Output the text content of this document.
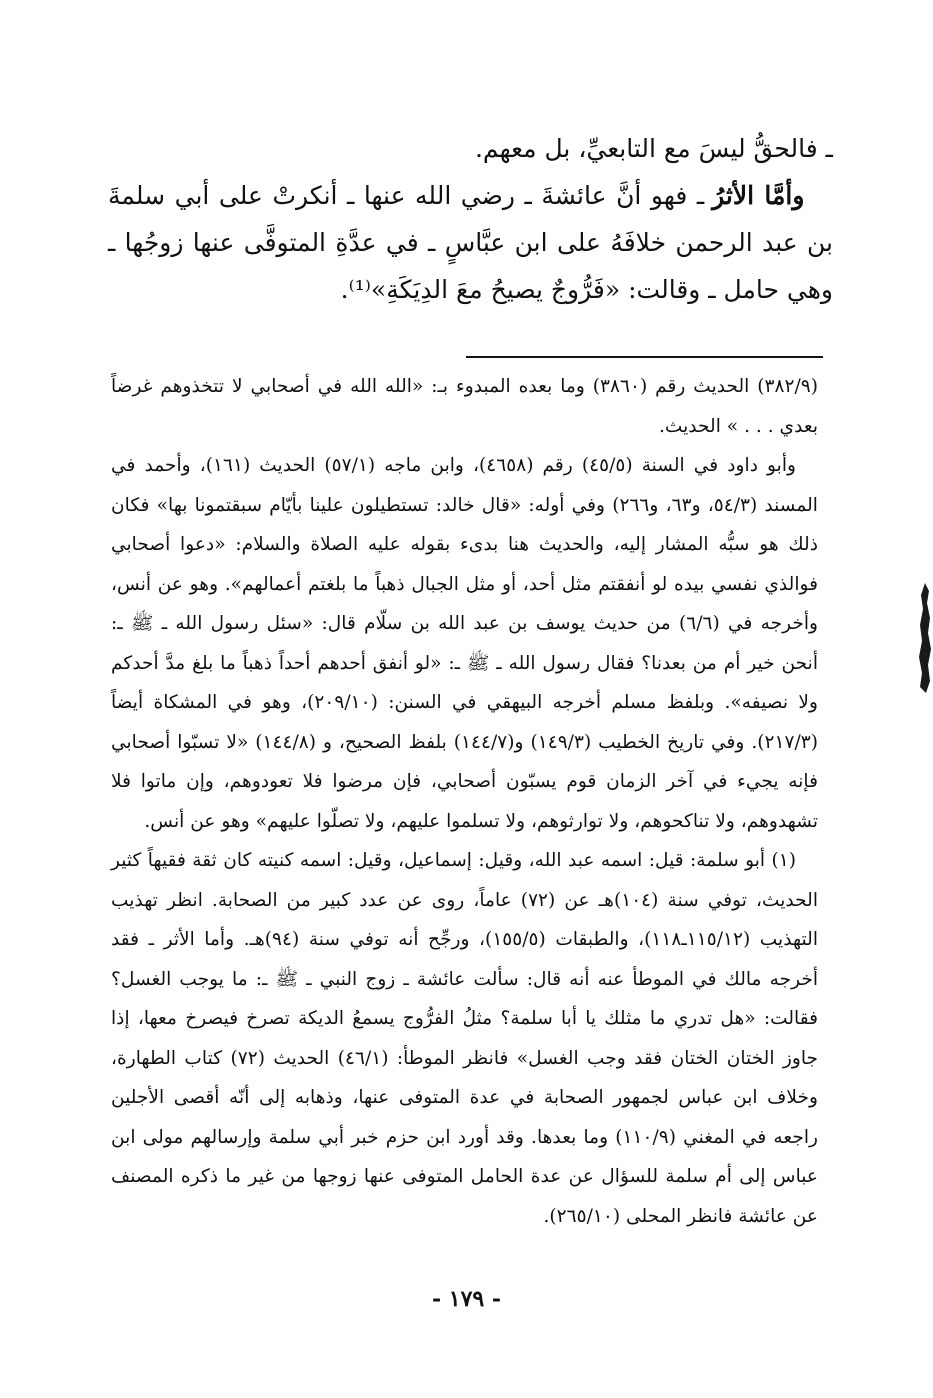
ـ فالحقُّ ليسَ مع التابعيِّ، بل معهم.

وأمَّا الأثرُ ـ فهو أنَّ عائشةَ ـ رضي الله عنها ـ أنكرتْ على أبي سلمةَ بن عبد الرحمن خلافَهُ على ابن عبَّاسٍ ـ في عدَّةِ المتوفَّى عنها زوجُها ـ وهي حامل ـ وقالت: «فَرُّوجٌ يصيحُ معَ الدِيَكَةِ»⁽¹⁾.

(٣٨٢/٩) الحديث رقم (٣٨٦٠) وما بعده المبدوء بـ: «الله الله في أصحابي لا تتخذوهم غرضاً بعدي . . . » الحديث.

وأبو داود في السنة (٤٥/٥) رقم (٤٦٥٨)، وابن ماجه (٥٧/١) الحديث (١٦١)، وأحمد في المسند (٥٤/٣، و٦٣، و٢٦٦) وفي أوله: «قال خالد: تستطيلون علينا بأيّام سبقتمونا بها» فكان ذلك هو سبُّه المشار إليه، والحديث هنا بدىء بقوله عليه الصلاة والسلام: «دعوا أصحابي فوالذي نفسي بيده لو أنفقتم مثل أحد، أو مثل الجبال ذهباً ما بلغتم أعمالهم». وهو عن أنس، وأخرجه في (٦/٦) من حديث يوسف بن عبد الله بن سلّام قال: «سئل رسول الله ـ ﷺ ـ: أنحن خير أم من بعدنا؟ فقال رسول الله ـ ﷺ ـ: «لو أنفق أحدهم أحداً ذهباً ما بلغ مدَّ أحدكم ولا نصيفه». وبلفظ مسلم أخرجه البيهقي في السنن: (٢٠٩/١٠)، وهو في المشكاة أيضاً (٢١٧/٣). وفي تاريخ الخطيب (١٤٩/٣) و(١٤٤/٧) بلفظ الصحيح، و (١٤٤/٨) «لا تسبّوا أصحابي فإنه يجيء في آخر الزمان قوم يسبّون أصحابي، فإن مرضوا فلا تعودوهم، وإن ماتوا فلا تشهدوهم، ولا تناكحوهم، ولا توارثوهم، ولا تسلموا عليهم، ولا تصلّوا عليهم» وهو عن أنس.

(١) أبو سلمة: قيل: اسمه عبد الله، وقيل: إسماعيل، وقيل: اسمه كنيته كان ثقة فقيهاً كثير الحديث، توفي سنة (١٠٤)هـ عن (٧٢) عاماً، روى عن عدد كبير من الصحابة. انظر تهذيب التهذيب (١١٥/١٢ـ١١٨)، والطبقات (١٥٥/٥)، ورجِّح أنه توفي سنة (٩٤)هـ. وأما الأثر ـ فقد أخرجه مالك في الموطأ عنه أنه قال: سألت عائشة ـ زوج النبي ـ ﷺ ـ: ما يوجب الغسل؟ فقالت: «هل تدري ما مثلك يا أبا سلمة؟ مثلُ الفرُّوج يسمعُ الديكة تصرخ فيصرخ معها، إذا جاوز الختان الختان فقد وجب الغسل» فانظر الموطأ: (٤٦/١) الحديث (٧٢) كتاب الطهارة، وخلاف ابن عباس لجمهور الصحابة في عدة المتوفى عنها، وذهابه إلى أنّه أقصى الأجلين راجعه في المغني (١١٠/٩) وما بعدها. وقد أورد ابن حزم خبر أبي سلمة وإرسالهم مولى ابن عباس إلى أم سلمة للسؤال عن عدة الحامل المتوفى عنها زوجها من غير ما ذكره المصنف عن عائشة فانظر المحلى (٢٦٥/١٠).

- ١٧٩ -
